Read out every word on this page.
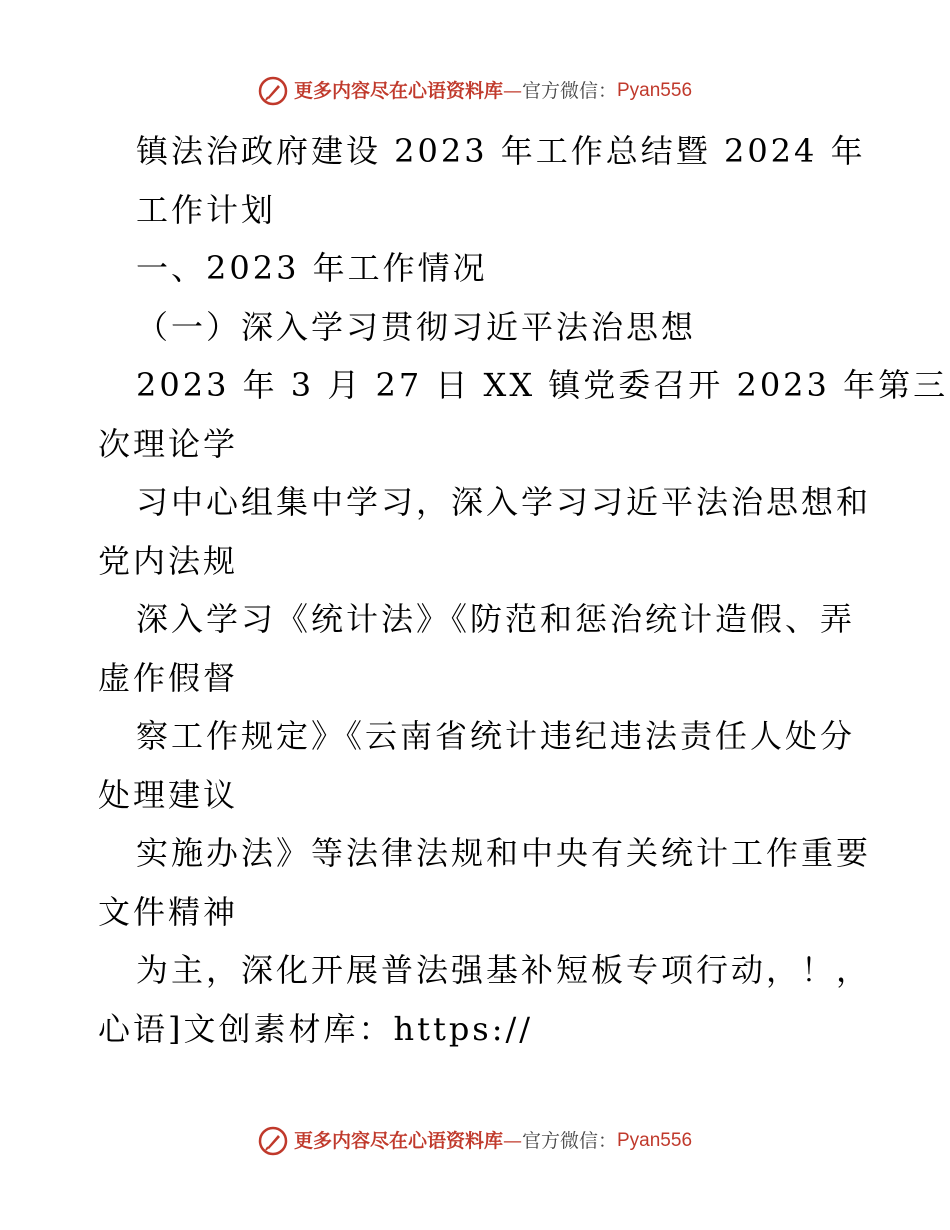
更多内容尽在心语资料库 — 官方微信： Pyan556
镇法治政府建设 2023 年工作总结暨 2024 年
工作计划
一、2023 年工作情况
（一）深入学习贯彻习近平法治思想
2023 年 3 月 27 日 XX 镇党委召开 2023 年第三
次理论学
习中心组集中学习，深入学习习近平法治思想和
党内法规
深入学习《统计法》《防范和惩治统计造假、弄
虚作假督
察工作规定》《云南省统计违纪违法责任人处分
处理建议
实施办法》等法律法规和中央有关统计工作重要
文件精神
为主，深化开展普法强基补短板专项行动，！，
心语]文创素材库：https://
更多内容尽在心语资料库 — 官方微信： Pyan556
